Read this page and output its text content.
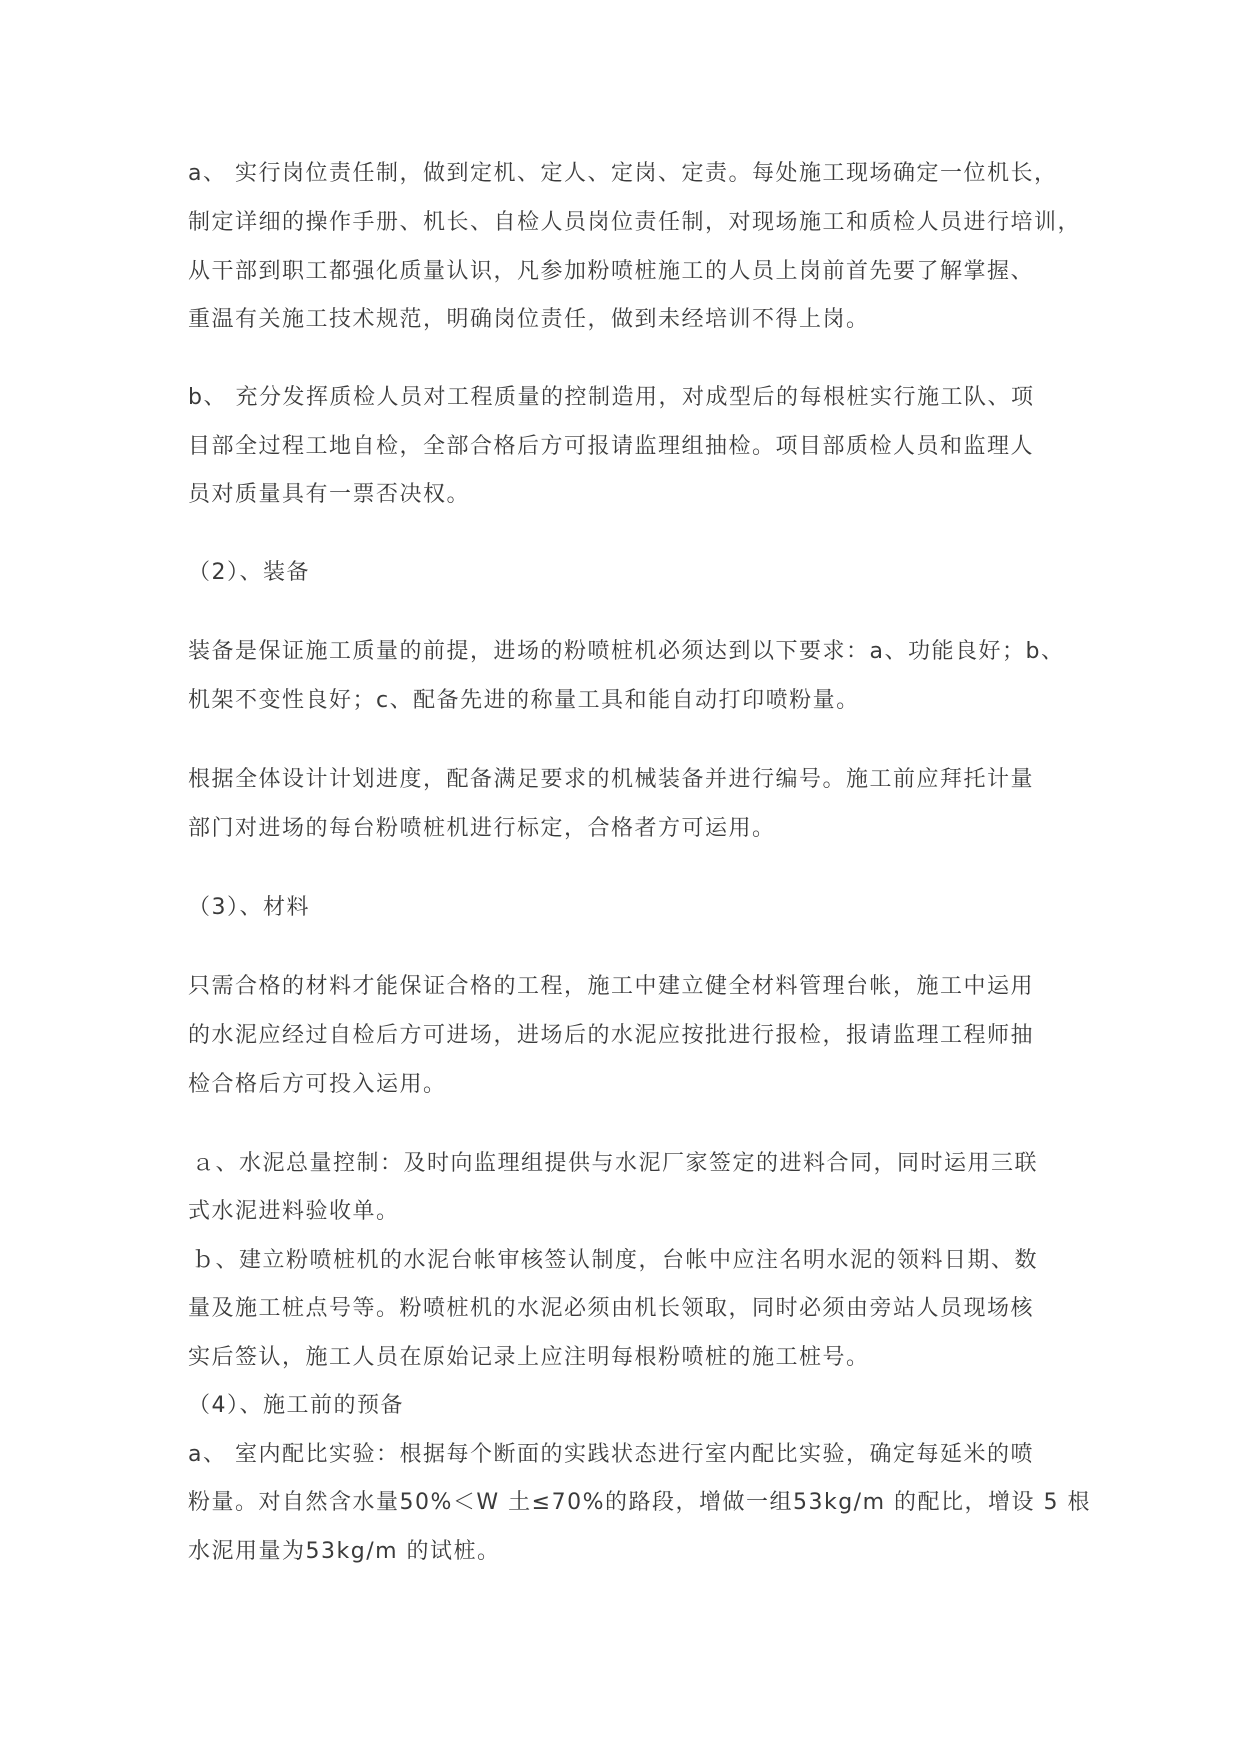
a、 实行岗位责任制，做到定机、定人、定岗、定责。每处施工现场确定一位机长，
制定详细的操作手册、机长、自检人员岗位责任制，对现场施工和质检人员进行培训，
从干部到职工都强化质量认识，凡参加粉喷桩施工的人员上岗前首先要了解掌握、
重温有关施工技术规范，明确岗位责任，做到未经培训不得上岗。
b、 充分发挥质检人员对工程质量的控制造用，对成型后的每根桩实行施工队、项
目部全过程工地自检，全部合格后方可报请监理组抽检。项目部质检人员和监理人
员对质量具有一票否决权。
（2）、装备
装备是保证施工质量的前提，进场的粉喷桩机必须达到以下要求：a、功能良好；b、
机架不变性良好；c、配备先进的称量工具和能自动打印喷粉量。
根据全体设计计划进度，配备满足要求的机械装备并进行编号。施工前应拜托计量
部门对进场的每台粉喷桩机进行标定，合格者方可运用。
（3）、材料
只需合格的材料才能保证合格的工程，施工中建立健全材料管理台帐，施工中运用
的水泥应经过自检后方可进场，进场后的水泥应按批进行报检，报请监理工程师抽
检合格后方可投入运用。
ａ、水泥总量控制：及时向监理组提供与水泥厂家签定的进料合同，同时运用三联
式水泥进料验收单。
ｂ、建立粉喷桩机的水泥台帐审核签认制度，台帐中应注名明水泥的领料日期、数
量及施工桩点号等。粉喷桩机的水泥必须由机长领取，同时必须由旁站人员现场核
实后签认，施工人员在原始记录上应注明每根粉喷桩的施工桩号。
（4）、施工前的预备
a、 室内配比实验：根据每个断面的实践状态进行室内配比实验，确定每延米的喷
粉量。对自然含水量50%＜W 土≤70%的路段，增做一组53kg/m 的配比，增设 5 根
水泥用量为53kg/m 的试桩。
